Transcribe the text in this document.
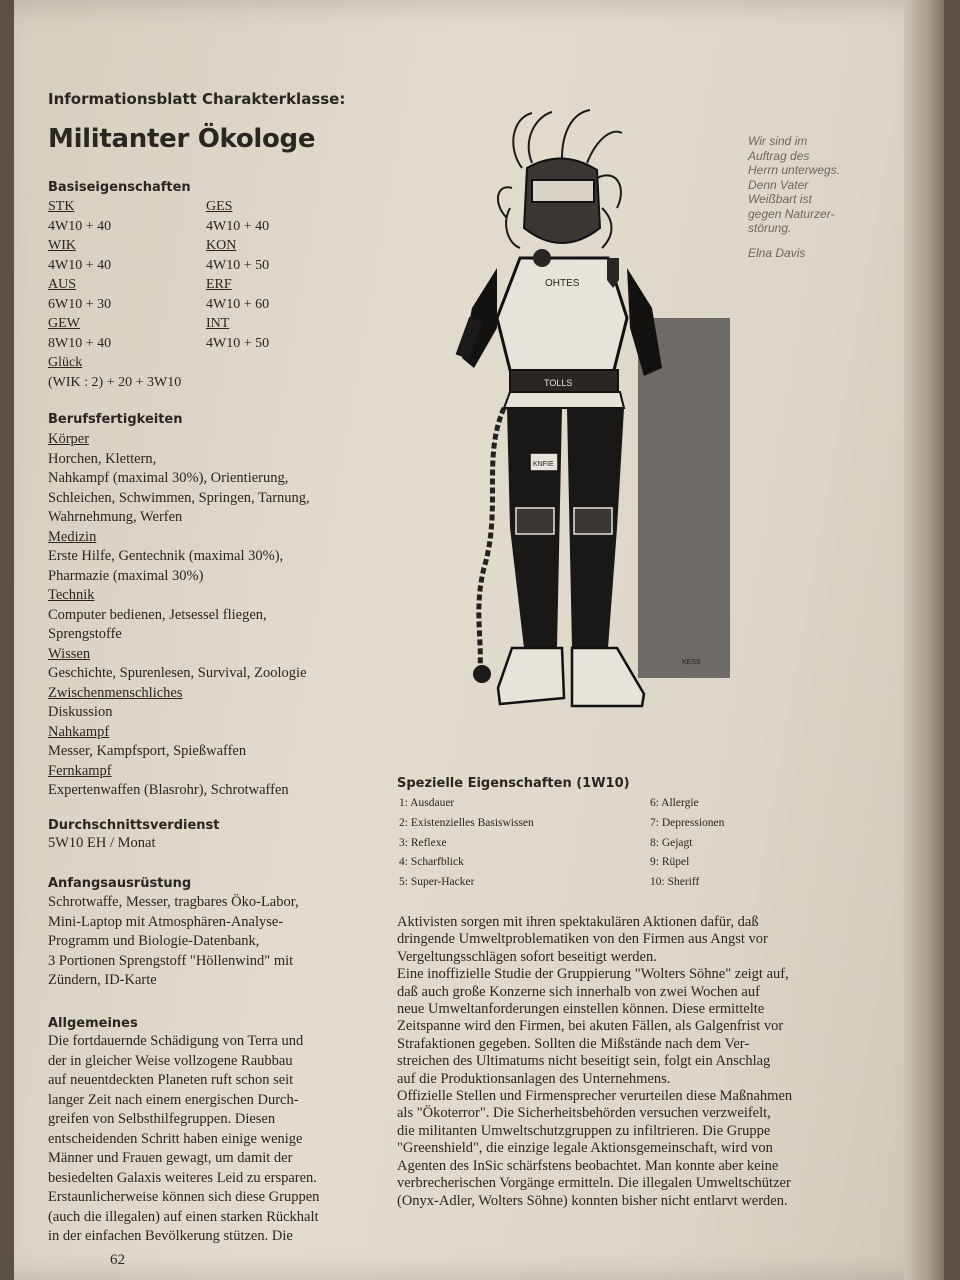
Informationsblatt Charakterklasse:
Militanter Ökologe
Basiseigenschaften
STK
4W10 + 40
WIK
4W10 + 40
AUS
6W10 + 30
GEW
8W10 + 40
GES
4W10 + 40
KON
4W10 + 50
ERF
4W10 + 60
INT
4W10 + 50
Glück
(WIK : 2) + 20 + 3W10
Berufsfertigkeiten
Körper
Horchen, Klettern,
Nahkampf (maximal 30%), Orientierung,
Schleichen, Schwimmen, Springen, Tarnung,
Wahrnehmung, Werfen
Medizin
Erste Hilfe, Gentechnik (maximal 30%),
Pharmazie (maximal 30%)
Technik
Computer bedienen, Jetsessel fliegen,
Sprengstoffe
Wissen
Geschichte, Spurenlesen, Survival, Zoologie
Zwischenmenschliches
Diskussion
Nahkampf
Messer, Kampfsport, Spießwaffen
Fernkampf
Expertenwaffen (Blasrohr), Schrotwaffen
Durchschnittsverdienst
5W10 EH / Monat
Anfangsausrüstung
Schrotwaffe, Messer, tragbares Öko-Labor,
Mini-Laptop mit Atmosphären-Analyse-
Programm und Biologie-Datenbank,
3 Portionen Sprengstoff "Höllenwind" mit
Zündern, ID-Karte
Allgemeines
Die fortdauernde Schädigung von Terra und
der in gleicher Weise vollzogene Raubbau
auf neuentdeckten Planeten ruft schon seit
langer Zeit nach einem energischen Durch-
greifen von Selbsthilfegruppen. Diesen
entscheidenden Schritt haben einige wenige
Männer und Frauen gewagt, um damit der
besiedelten Galaxis weiteres Leid zu ersparen.
Erstaunlicherweise können sich diese Gruppen
(auch die illegalen) auf einen starken Rückhalt
in der einfachen Bevölkerung stützen. Die
OHTES
TOLLS
KNFIE
KESS
Wir sind im
Auftrag des
Herrn unterwegs.
Denn Vater
Weißbart ist
gegen Naturzer-
störung.
Elna Davis
Spezielle Eigenschaften (1W10)
1: Ausdauer
2: Existenzielles Basiswissen
3: Reflexe
4: Scharfblick
5: Super-Hacker
6: Allergie
7: Depressionen
8: Gejagt
9: Rüpel
10: Sheriff
Aktivisten sorgen mit ihren spektakulären Aktionen dafür, daß
dringende Umweltproblematiken von den Firmen aus Angst vor
Vergeltungsschlägen sofort beseitigt werden.
Eine inoffizielle Studie der Gruppierung "Wolters Söhne" zeigt auf,
daß auch große Konzerne sich innerhalb von zwei Wochen auf
neue Umweltanforderungen einstellen können. Diese ermittelte
Zeitspanne wird den Firmen, bei akuten Fällen, als Galgenfrist vor
Strafaktionen gegeben. Sollten die Mißstände nach dem Ver-
streichen des Ultimatums nicht beseitigt sein, folgt ein Anschlag
auf die Produktionsanlagen des Unternehmens.
Offizielle Stellen und Firmensprecher verurteilen diese Maßnahmen
als "Ökoterror". Die Sicherheitsbehörden versuchen verzweifelt,
die militanten Umweltschutzgruppen zu infiltrieren. Die Gruppe
"Greenshield", die einzige legale Aktionsgemeinschaft, wird von
Agenten des InSic schärfstens beobachtet. Man konnte aber keine
verbrecherischen Vorgänge ermitteln. Die illegalen Umweltschützer
(Onyx-Adler, Wolters Söhne) konnten bisher nicht entlarvt werden.
62
